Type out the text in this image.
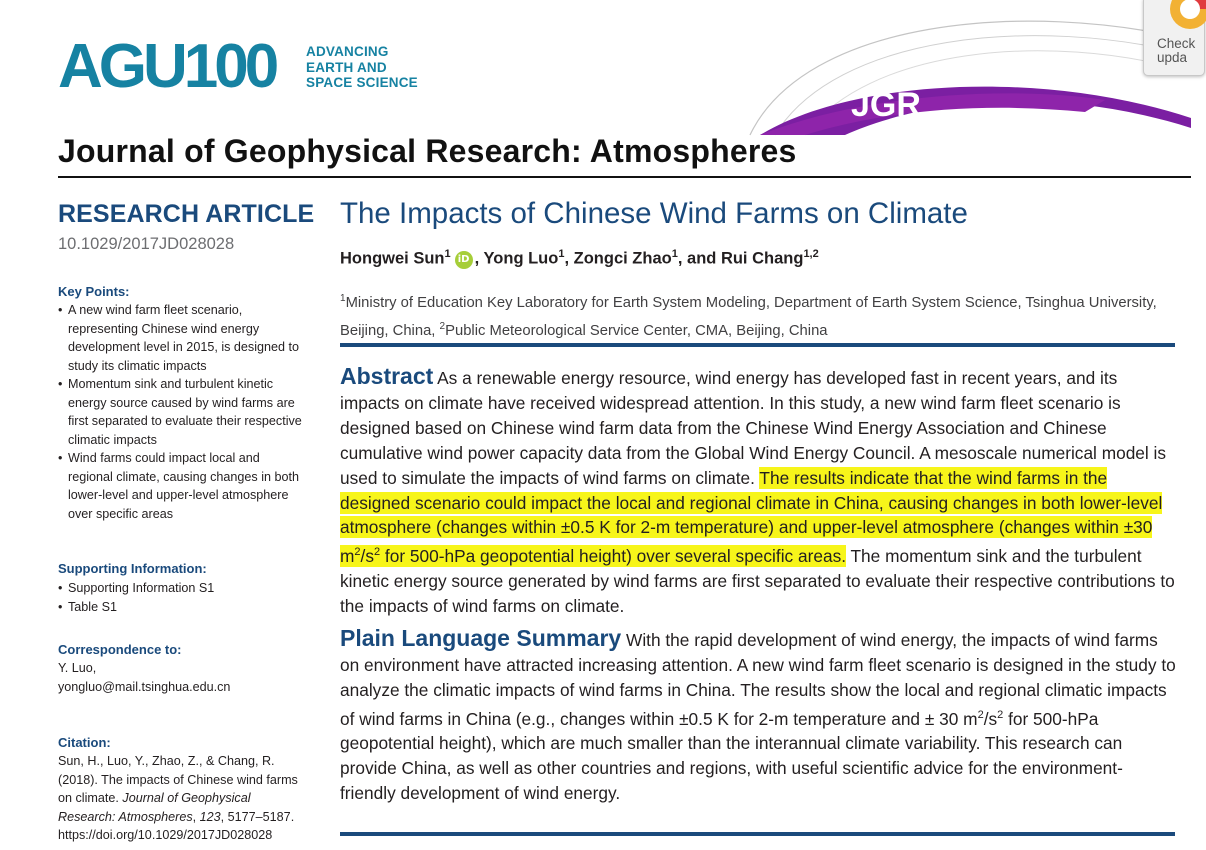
AGU100 ADVANCING
EARTH AND
SPACE SCIENCE
JGR
Journal of Geophysical Research: Atmospheres
Check
upda
RESEARCH ARTICLE
10.1029/2017JD028028
Key Points:
• A new wind farm fleet scenario, representing Chinese wind energy development level in 2015, is designed to study its climatic impacts
• Momentum sink and turbulent kinetic energy source caused by wind farms are first separated to evaluate their respective climatic impacts
• Wind farms could impact local and regional climate, causing changes in both lower-level and upper-level atmosphere over specific areas
Supporting Information:
• Supporting Information S1
• Table S1
Correspondence to:
Y. Luo,
yongluo@mail.tsinghua.edu.cn
Citation:
Sun, H., Luo, Y., Zhao, Z., & Chang, R. (2018). The impacts of Chinese wind farms on climate. Journal of Geophysical Research: Atmospheres, 123, 5177–5187.
https://doi.org/10.1029/2017JD028028
The Impacts of Chinese Wind Farms on Climate
Hongwei Sun$^1$ iD , Yong Luo$^1$, Zongci Zhao$^1$, and Rui Chang$^{1,2}$
$^1$Ministry of Education Key Laboratory for Earth System Modeling, Department of Earth System Science, Tsinghua University, Beijing, China, $^2$Public Meteorological Service Center, CMA, Beijing, China
Abstract As a renewable energy resource, wind energy has developed fast in recent years, and its impacts on climate have received widespread attention. In this study, a new wind farm fleet scenario is designed based on Chinese wind farm data from the Chinese Wind Energy Association and Chinese cumulative wind power capacity data from the Global Wind Energy Council. A mesoscale numerical model is used to simulate the impacts of wind farms on climate. The results indicate that the wind farms in the designed scenario could impact the local and regional climate in China, causing changes in both lower-level atmosphere (changes within ±0.5 K for 2-m temperature) and upper-level atmosphere (changes within ±30 $m^2/s^2$ for 500-hPa geopotential height) over several specific areas. The momentum sink and the turbulent kinetic energy source generated by wind farms are first separated to evaluate their respective contributions to the impacts of wind farms on climate.
Plain Language Summary With the rapid development of wind energy, the impacts of wind farms on environment have attracted increasing attention. A new wind farm fleet scenario is designed in the study to analyze the climatic impacts of wind farms in China. The results show the local and regional climatic impacts of wind farms in China (e.g., changes within ±0.5 K for 2-m temperature and ± 30 $m^2/s^2$ for 500-hPa geopotential height), which are much smaller than the interannual climate variability. This research can provide China, as well as other countries and regions, with useful scientific advice for the environment-friendly development of wind energy.
